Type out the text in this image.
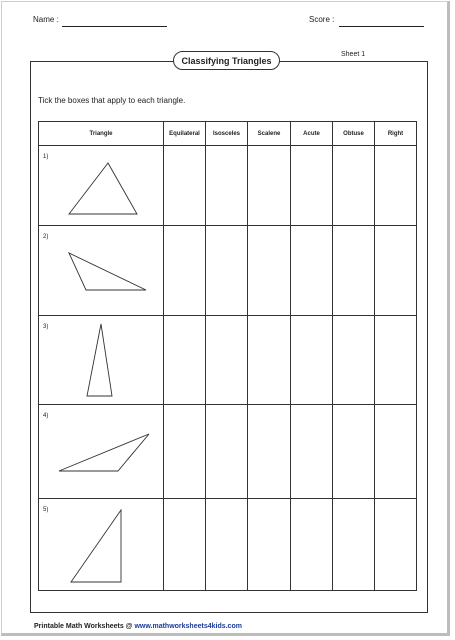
Name :	Score :
Classifying Triangles
Sheet 1
Tick the boxes that apply to each triangle.
Triangle	Equilateral	Isosceles	Scalene	Acute	Obtuse	Right

1)						

2)						

3)						

4)						

5)						

Printable Math Worksheets @ www.mathworksheets4kids.com
